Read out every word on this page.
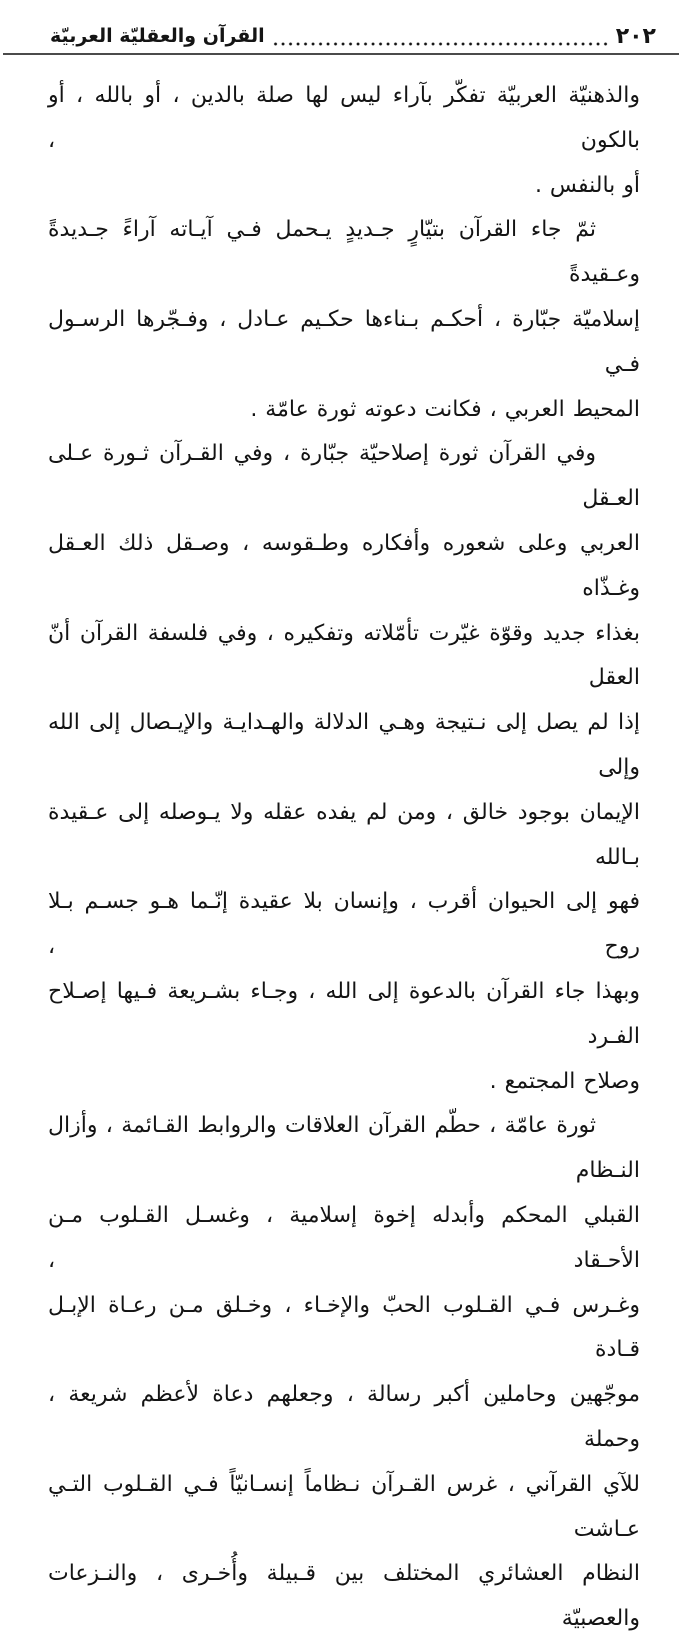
٢٠٢
القرآن والعقليّة العربيّة
والذهنيّة العربيّة تفكّر بآراء ليس لها صلة بالدين ، أو بالله ، أو بالكون ،
أو بالنفس .
ثمّ جاء القرآن بتيّارٍ جـديدٍ يـحمل فـي آيـاته آراءً جـديدةً وعـقيدةً
إسلاميّة جبّارة ، أحكـم بـناءها حكـيم عـادل ، وفـجّرها الرسـول فـي
المحيط العربي ، فكانت دعوته ثورة عامّة .
وفي القرآن ثورة إصلاحيّة جبّارة ، وفي القـرآن ثـورة عـلى العـقل
العربي وعلى شعوره وأفكاره وطـقوسه ، وصـقل ذلك العـقل وغـذّاه
بغذاء جديد وقوّة غيّرت تأمّلاته وتفكيره ، وفي فلسفة القرآن أنّ العقل
إذا لم يصل إلى نـتيجة وهـي الدلالة والهـدايـة والإيـصال إلى الله وإلى
الإيمان بوجود خالق ، ومن لم يفده عقله ولا يـوصله إلى عـقيدة بـالله
فهو إلى الحيوان أقرب ، وإنسان بلا عقيدة إنّـما هـو جسـم بـلا روح ،
وبهذا جاء القرآن بالدعوة إلى الله ، وجـاء بشـريعة فـيها إصـلاح الفـرد
وصلاح المجتمع .
ثورة عامّة ، حطّم القرآن العلاقات والروابط القـائمة ، وأزال النـظام
القبلي المحكم وأبدله إخوة إسلامية ، وغسـل القـلوب مـن الأحـقاد ،
وغـرس فـي القـلوب الحبّ والإخـاء ، وخـلق مـن رعـاة الإبـل قـادة
موجّهين وحاملين أكبر رسالة ، وجعلهم دعاة لأعظم شريعة ، وحملة
للآي القرآني ، غرس القـرآن نـظاماً إنسـانيّاً فـي القـلوب التـي عـاشت
النظام العشائري المختلف بين قـبيلة وأُخـرى ، والنـزعات والعصبيّة
